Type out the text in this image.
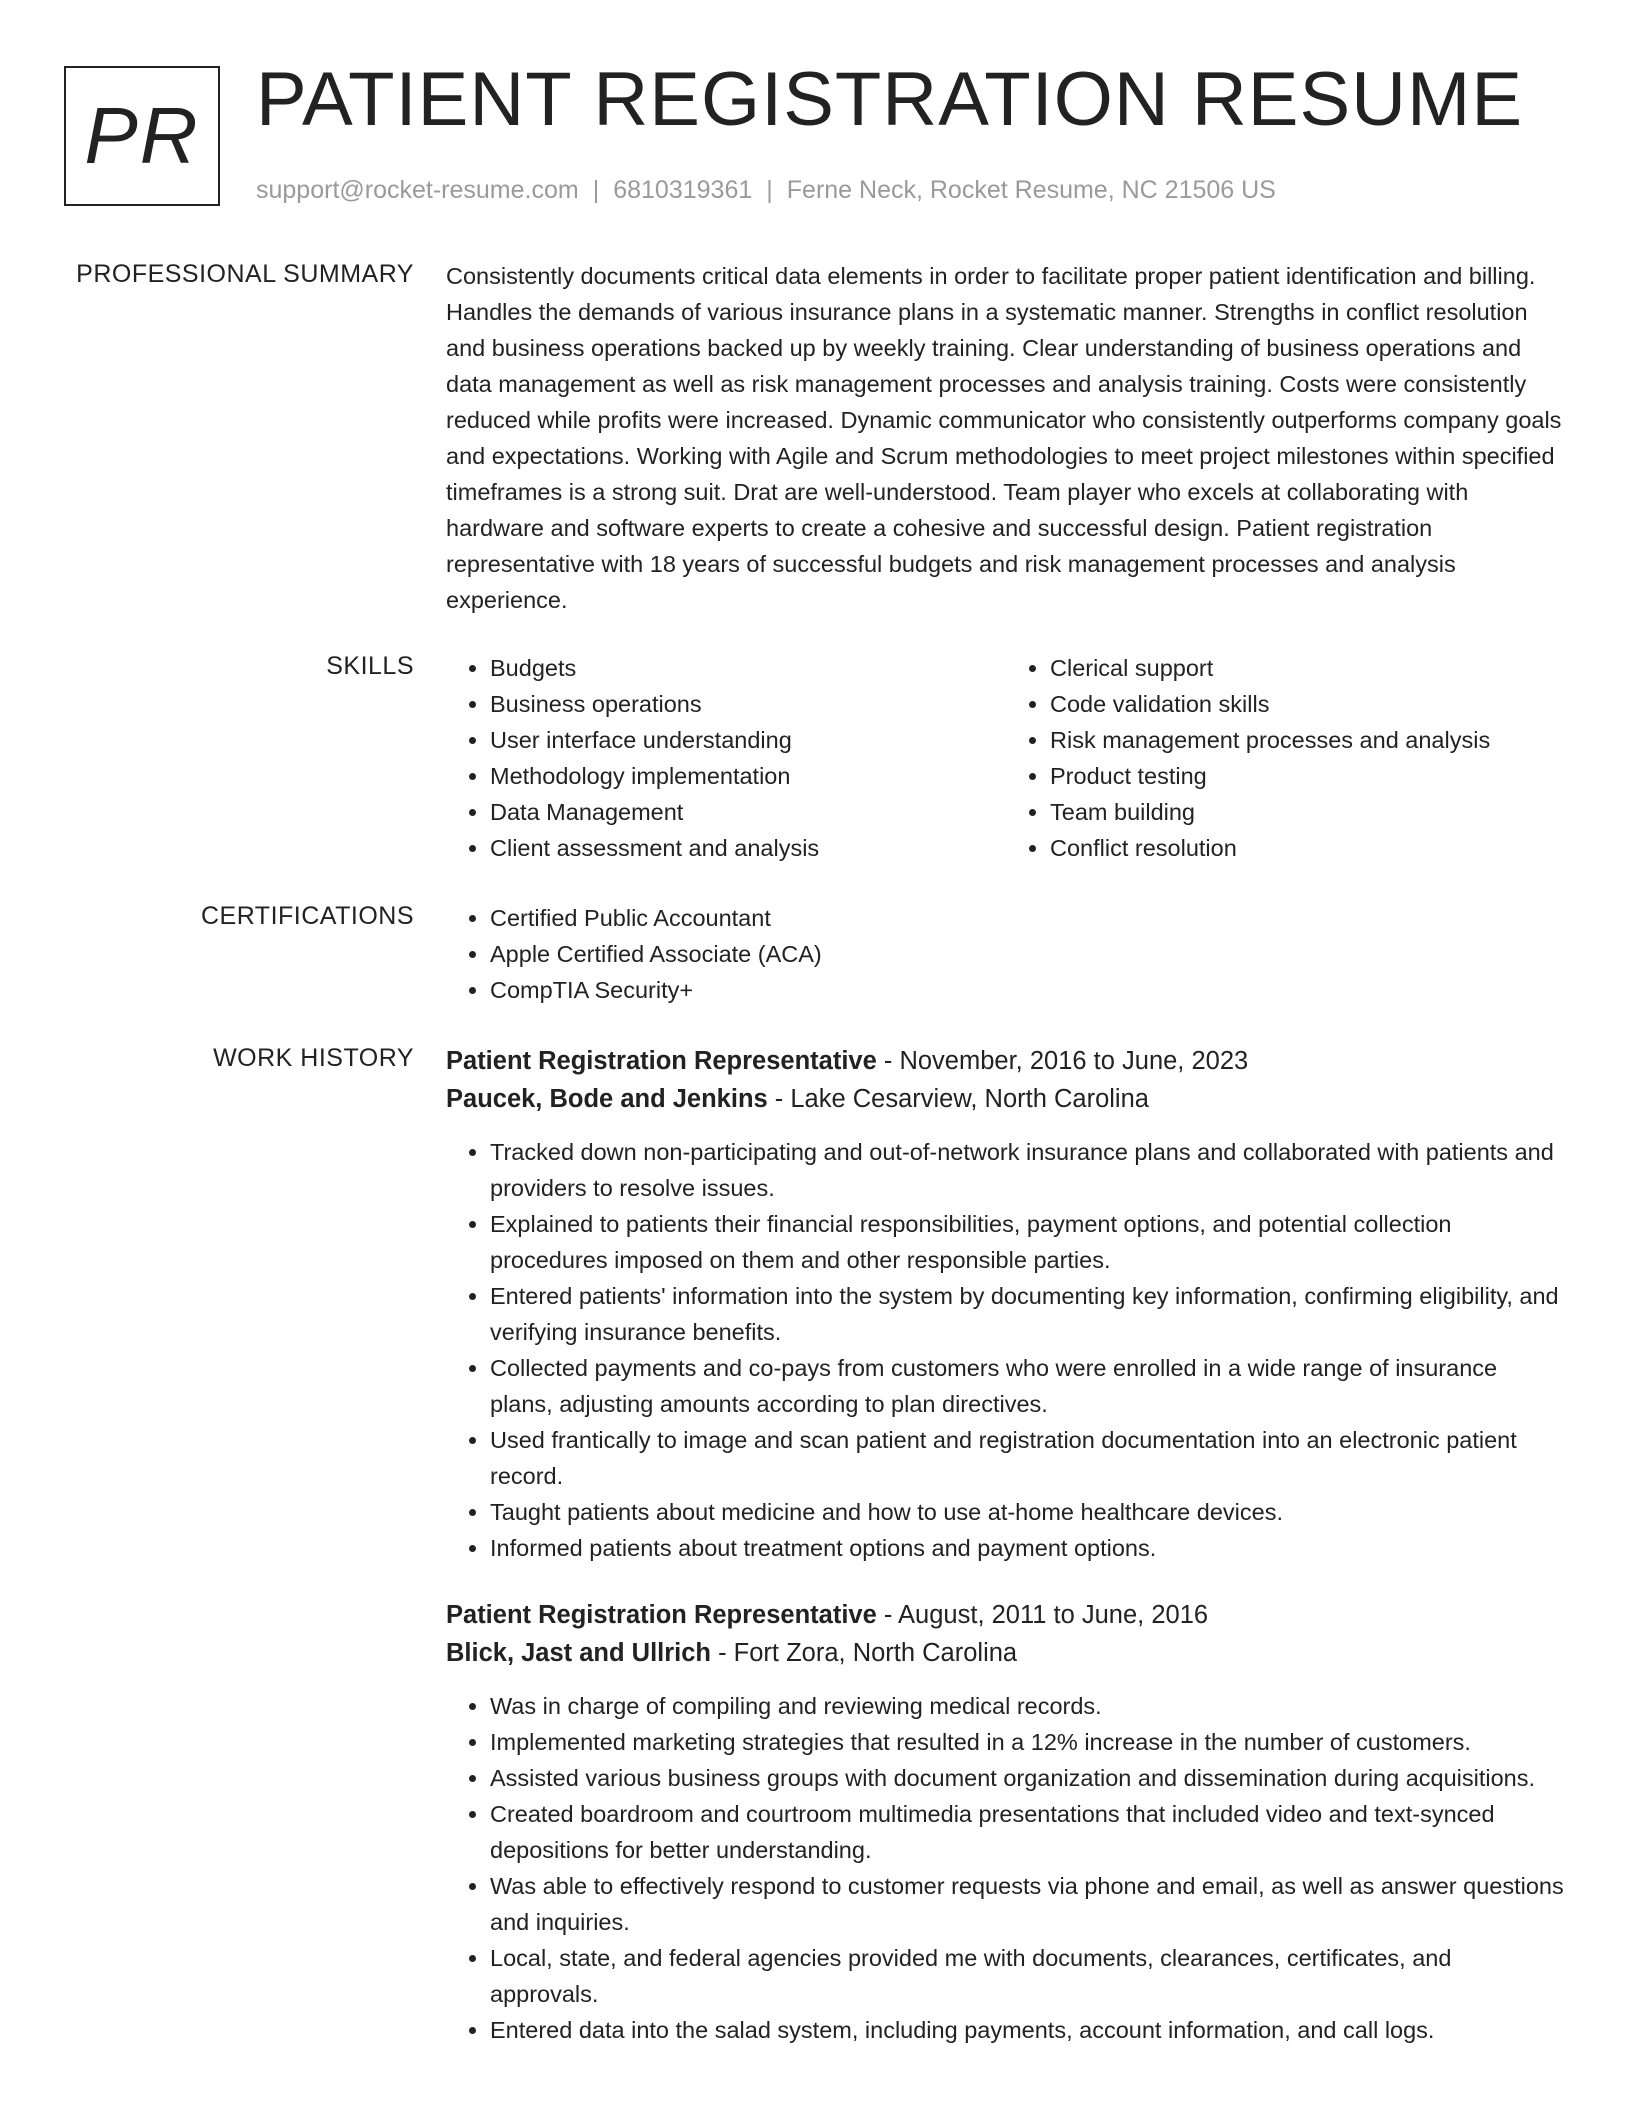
PR PATIENT REGISTRATION RESUME
support@rocket-resume.com | 6810319361 | Ferne Neck, Rocket Resume, NC 21506 US
PROFESSIONAL SUMMARY Consistently documents critical data elements in order to facilitate proper patient identification and billing. Handles the demands of various insurance plans in a systematic manner. Strengths in conflict resolution and business operations backed up by weekly training. Clear understanding of business operations and data management as well as risk management processes and analysis training. Costs were consistently reduced while profits were increased. Dynamic communicator who consistently outperforms company goals and expectations. Working with Agile and Scrum methodologies to meet project milestones within specified timeframes is a strong suit. Drat are well-understood. Team player who excels at collaborating with hardware and software experts to create a cohesive and successful design. Patient registration representative with 18 years of successful budgets and risk management processes and analysis experience.

SKILLS	• Budgets
• Business operations
• User interface understanding
• Methodology implementation
• Data Management
• Client assessment and analysis
• Clerical support
• Code validation skills
• Risk management processes and analysis
• Product testing
• Team building
• Conflict resolution
CERTIFICATIONS	• Certified Public Accountant
• Apple Certified Associate (ACA)
• CompTIA Security+
WORK HISTORY Patient Registration Representative - November, 2016 to June, 2023
Paucek, Bode and Jenkins - Lake Cesarview, North Carolina
• Tracked down non-participating and out-of-network insurance plans and collaborated with patients and providers to resolve issues.
• Explained to patients their financial responsibilities, payment options, and potential collection procedures imposed on them and other responsible parties.
• Entered patients' information into the system by documenting key information, confirming eligibility, and verifying insurance benefits.
• Collected payments and co-pays from customers who were enrolled in a wide range of insurance plans, adjusting amounts according to plan directives.
• Used frantically to image and scan patient and registration documentation into an electronic patient record.
• Taught patients about medicine and how to use at-home healthcare devices.
• Informed patients about treatment options and payment options.
Patient Registration Representative - August, 2011 to June, 2016
Blick, Jast and Ullrich - Fort Zora, North Carolina
• Was in charge of compiling and reviewing medical records.
• Implemented marketing strategies that resulted in a 12% increase in the number of customers.
• Assisted various business groups with document organization and dissemination during acquisitions.
• Created boardroom and courtroom multimedia presentations that included video and text-synced depositions for better understanding.
• Was able to effectively respond to customer requests via phone and email, as well as answer questions and inquiries.
• Local, state, and federal agencies provided me with documents, clearances, certificates, and approvals.
• Entered data into the salad system, including payments, account information, and call logs.
